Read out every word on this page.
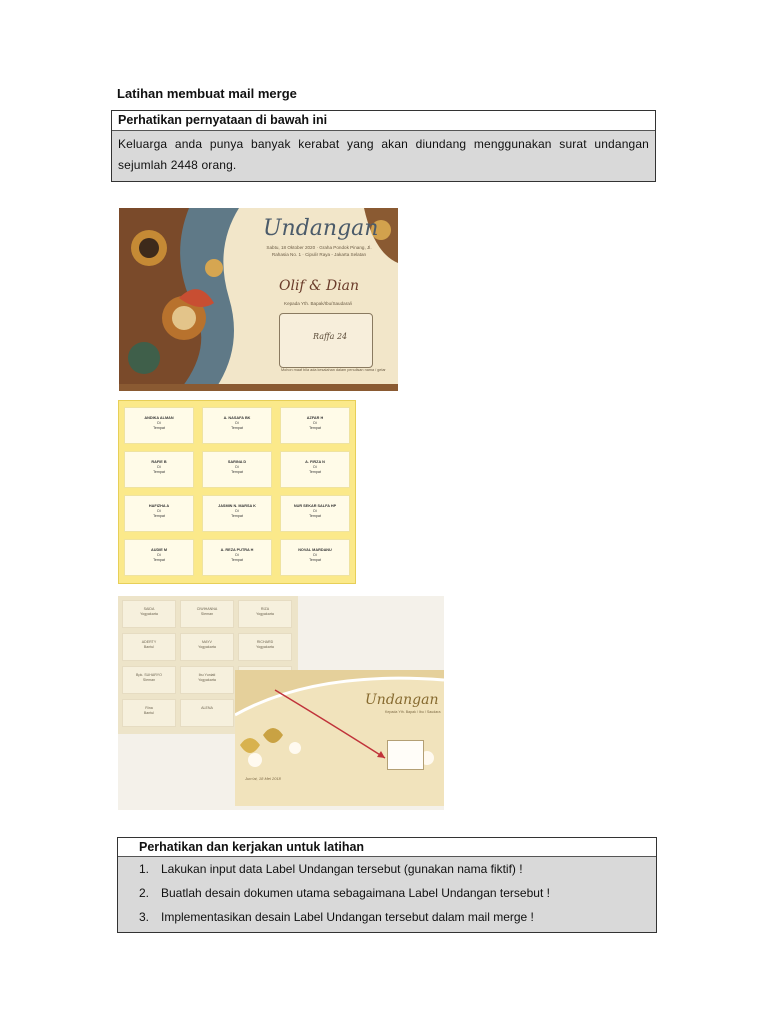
Latihan membuat mail merge
Perhatikan pernyataan di bawah ini
Keluarga anda punya banyak kerabat yang akan diundang menggunakan surat undangan sejumlah 2448 orang.
Undangan
Sabtu, 18 Oktober 2020 · Graha Pondok Pinang, Jl. Rahasia No. 1 · Cipulir Raya - Jakarta Selatan
Olif & Dian
Kepada Yth. Bapak/Ibu/Saudara/i
Raffa 24
Mohon maaf bila ada kesalahan dalam penulisan nama / gelar
ANDIKA ALMAN
Di
Tempat
A. NASAFA BK
Di
Tempat
AZFAR H
Di
Tempat
RAFIE B
Di
Tempat
SARINA D
Di
Tempat
A. FIRZA N
Di
Tempat
HAFIZHA A
Di
Tempat
JASMIN N. MARSA K
Di
Tempat
NUR SEKAR SALFA HP
Di
Tempat
AUDIE M
Di
Tempat
A. REZA PUTRA H
Di
Tempat
NOVAL MARDANU
Di
Tempat
SAIDA
Yogyakarta
CIWIHANNA
Sleman
RIZA
Yogyakarta
ADERTY
Bantul
MAYV
Yogyakarta
RICHARD
Yogyakarta
Bpk. SUHARYO
Sleman
Ibu Yuniati
Yogyakarta

Rina
Bantul
ALENA	Undangan
Kepada Yth. Bapak / Ibu / Saudara
Jum'at, 18 Mei 2018
Perhatikan dan kerjakan untuk latihan
1. Lakukan input data Label Undangan tersebut (gunakan nama fiktif) !
2. Buatlah desain dokumen utama sebagaimana Label Undangan tersebut !
3. Implementasikan desain Label Undangan tersebut dalam mail merge !
